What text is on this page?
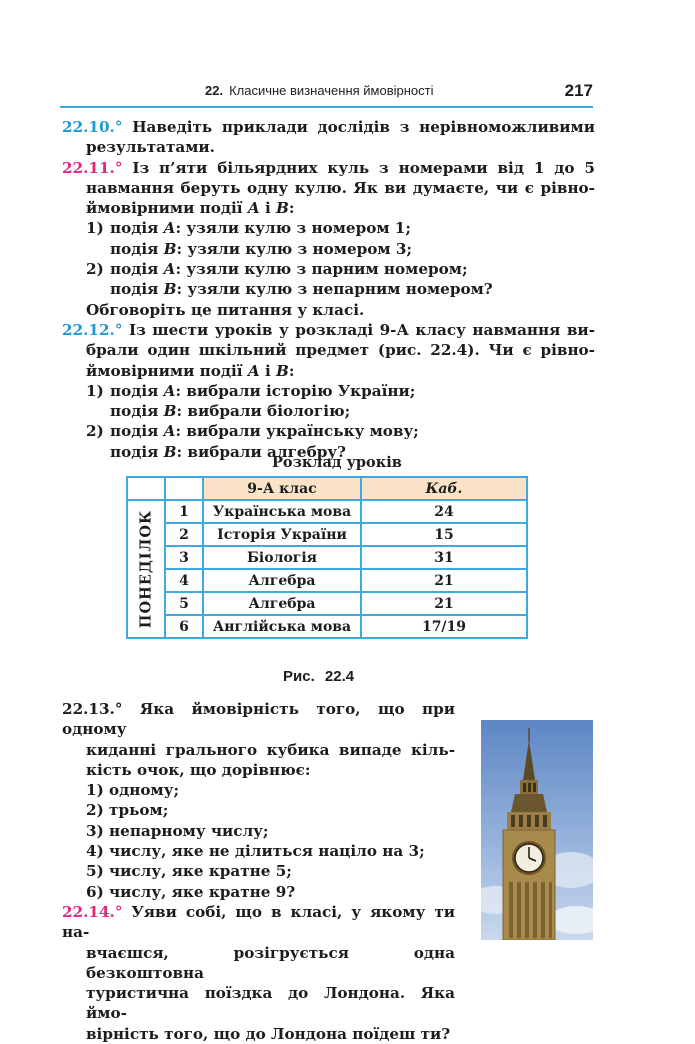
22. Класичне визначення ймовірності	217
22.10.° Наведіть приклади дослідів з нерівноможливими результатами.
22.11.° Із п’яти більярдних куль з номерами від 1 до 5
навмання беруть одну кулю. Як ви думаєте, чи є рівно-
ймовірними події A і B:
1) подія A: узяли кулю з номером 1;
подія B: узяли кулю з номером 3;
2) подія A: узяли кулю з парним номером;
подія B: узяли кулю з непарним номером?
Обговоріть це питання у класі.
22.12.° Із шести уроків у розкладі 9-А класу навмання ви-
брали один шкільний предмет (рис. 22.4). Чи є рівно-
ймовірними події A і B:
1) подія A: вибрали історію України;
подія B: вибрали біологію;
2) подія A: вибрали українську мову;
подія B: вибрали алгебру?
Розклад уроків
		9-А клас	Каб.

ПОНЕДІЛОК	1	Українська мова	24
	2	Історія України	15
	3	Біологія	31
	4	Алгебра	21
	5	Алгебра	21
	6	Англійська мова	17/19
Рис. 22.4
22.13.° Яка ймовірність того, що при одному
киданні грального кубика випаде кіль-
кість очок, що дорівнює:
1) одному;
2) трьом;
3) непарному числу;
4) числу, яке не ділиться націло на 3;
5) числу, яке кратне 5;
6) числу, яке кратне 9?
22.14.° Уяви собі, що в класі, у якому ти на-
вчаєшся, розігрується одна безкоштовна
туристична поїздка до Лондона. Яка ймо-
вірність того, що до Лондона поїдеш ти?
